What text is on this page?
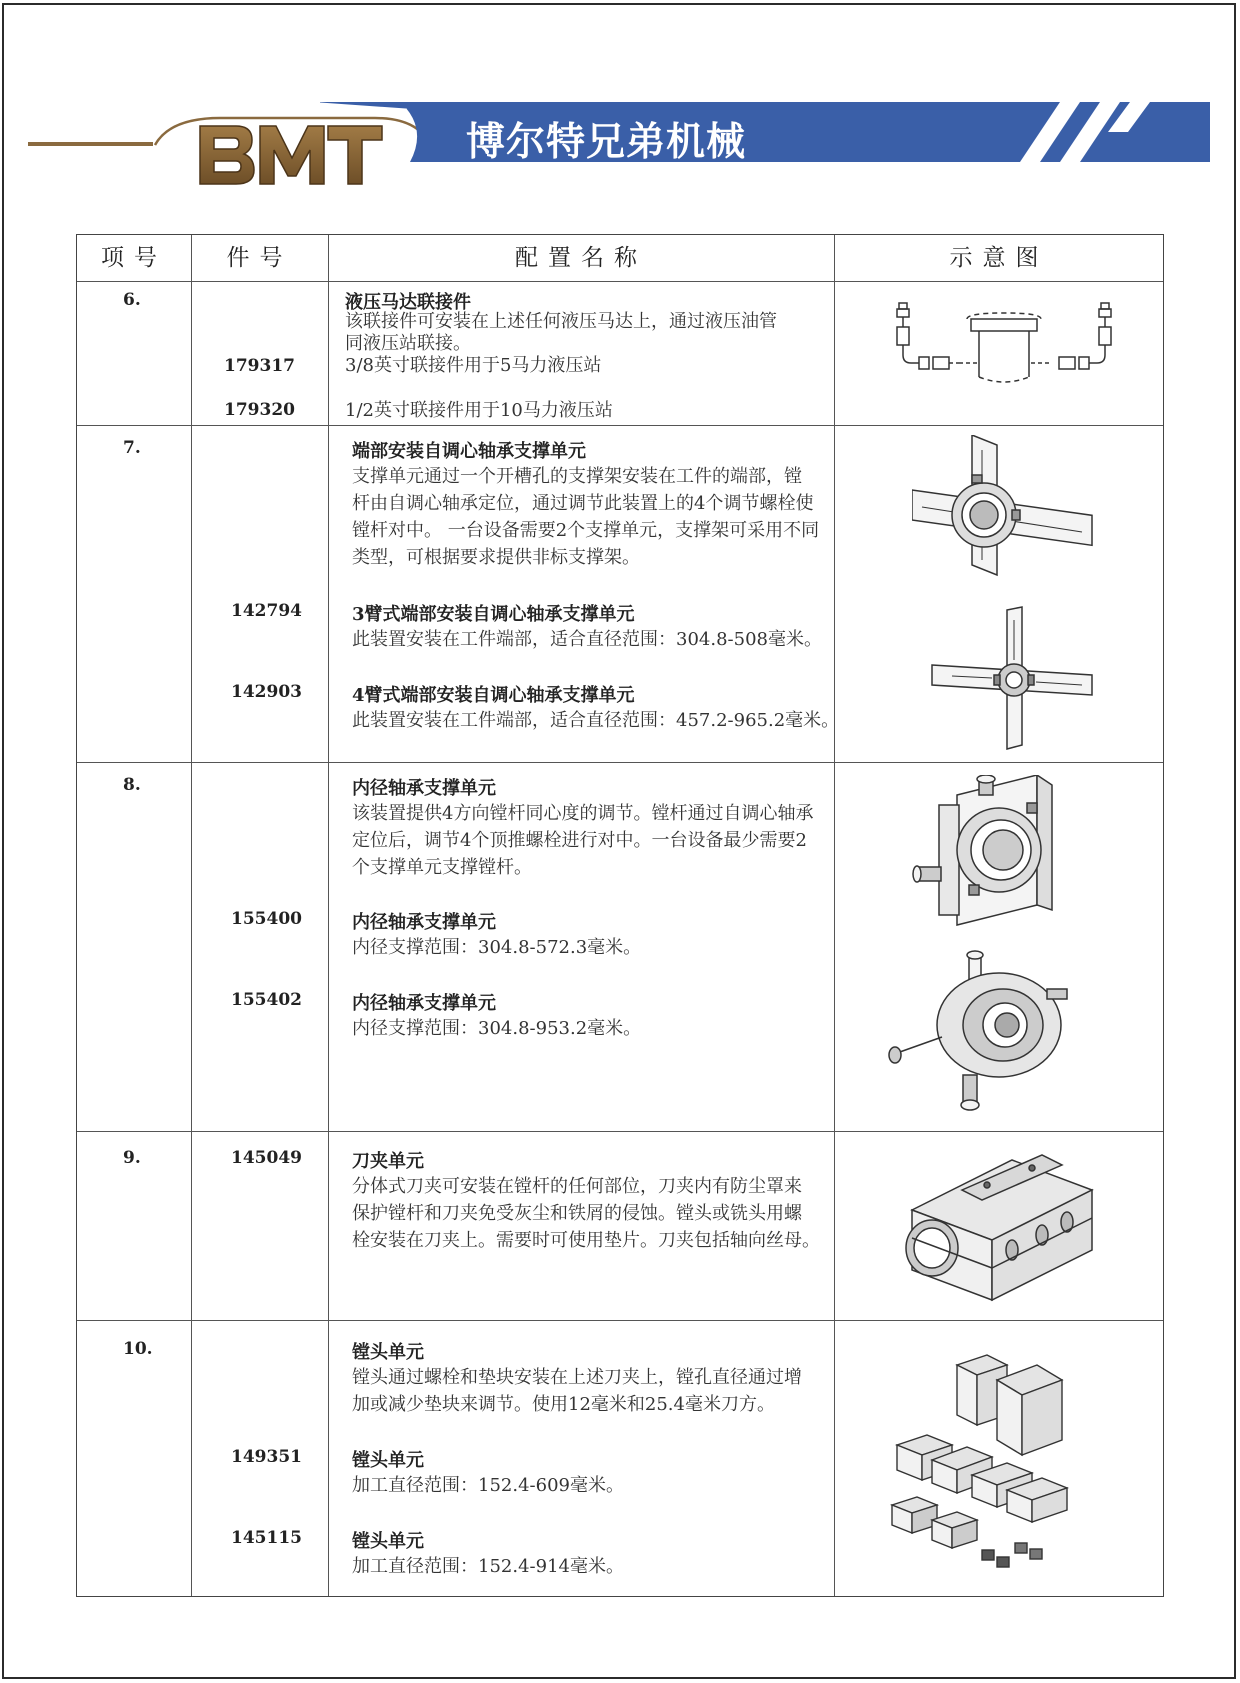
博尔特兄弟机械
项号	件号	配置名称	示意图
6.	液压马达联接件
该联接件可安装在上述任何液压马达上，通过液压油管
同液压站联接。
179317	3/8英寸联接件用于5马力液压站
179320	1/2英寸联接件用于10马力液压站
7.	端部安装自调心轴承支撑单元
支撑单元通过一个开槽孔的支撑架安装在工件的端部，镗
杆由自调心轴承定位，通过调节此装置上的4个调节螺栓使
镗杆对中。 一台设备需要2个支撑单元，支撑架可采用不同
类型，可根据要求提供非标支撑架。
142794	3臂式端部安装自调心轴承支撑单元
此装置安装在工件端部，适合直径范围：304.8-508毫米。
142903	4臂式端部安装自调心轴承支撑单元
此装置安装在工件端部，适合直径范围：457.2-965.2毫米。
8.	内径轴承支撑单元
该装置提供4方向镗杆同心度的调节。镗杆通过自调心轴承
定位后，调节4个顶推螺栓进行对中。一台设备最少需要2
个支撑单元支撑镗杆。
155400	内径轴承支撑单元
内径支撑范围：304.8-572.3毫米。
155402	内径轴承支撑单元
内径支撑范围：304.8-953.2毫米。
9.	145049	刀夹单元
分体式刀夹可安装在镗杆的任何部位，刀夹内有防尘罩来
保护镗杆和刀夹免受灰尘和铁屑的侵蚀。镗头或铣头用螺
栓安装在刀夹上。需要时可使用垫片。刀夹包括轴向丝母。
10.	镗头单元
镗头通过螺栓和垫块安装在上述刀夹上，镗孔直径通过增
加或减少垫块来调节。使用12毫米和25.4毫米刀方。
149351	镗头单元
加工直径范围：152.4-609毫米。
145115	镗头单元
加工直径范围：152.4-914毫米。
